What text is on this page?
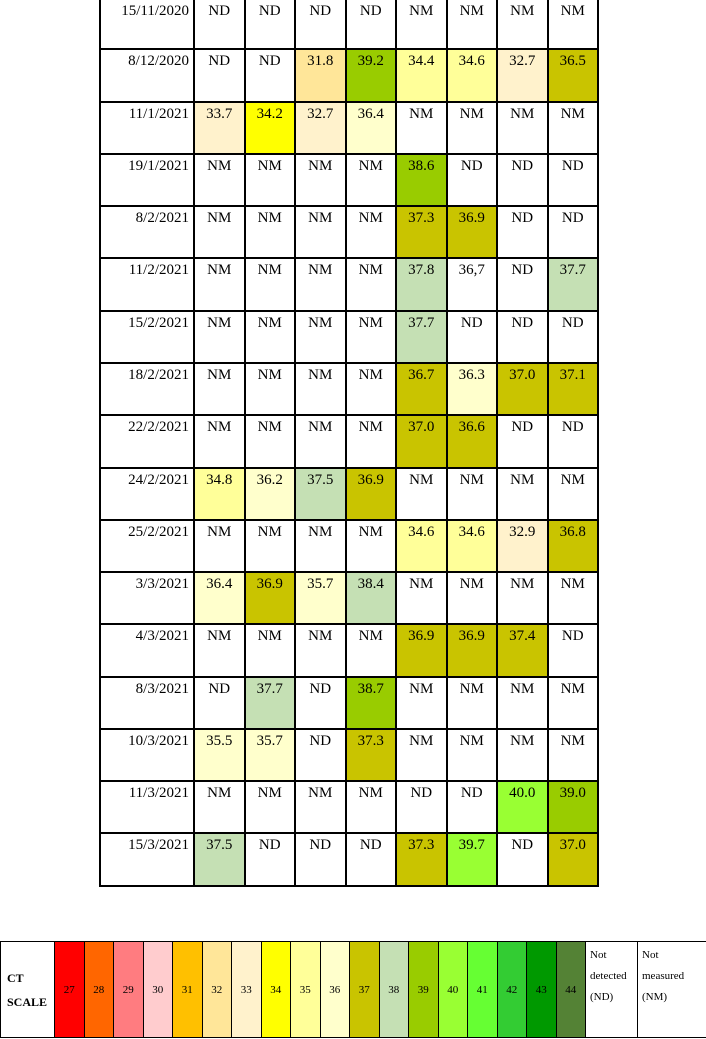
15/11/2020	ND	ND	ND	ND	NM	NM	NM	NM

8/12/2020	ND	ND	31.8	39.2	34.4	34.6	32.7	36.5

11/1/2021	33.7	34.2	32.7	36.4	NM	NM	NM	NM

19/1/2021	NM	NM	NM	NM	38.6	ND	ND	ND

8/2/2021	NM	NM	NM	NM	37.3	36.9	ND	ND

11/2/2021	NM	NM	NM	NM	37.8	36,7	ND	37.7

15/2/2021	NM	NM	NM	NM	37.7	ND	ND	ND

18/2/2021	NM	NM	NM	NM	36.7	36.3	37.0	37.1

22/2/2021	NM	NM	NM	NM	37.0	36.6	ND	ND

24/2/2021	34.8	36.2	37.5	36.9	NM	NM	NM	NM

25/2/2021	NM	NM	NM	NM	34.6	34.6	32.9	36.8

3/3/2021	36.4	36.9	35.7	38.4	NM	NM	NM	NM

4/3/2021	NM	NM	NM	NM	36.9	36.9	37.4	ND

8/3/2021	ND	37.7	ND	38.7	NM	NM	NM	NM

10/3/2021	35.5	35.7	ND	37.3	NM	NM	NM	NM

11/3/2021	NM	NM	NM	NM	ND	ND	40.0	39.0

15/3/2021	37.5	ND	ND	ND	37.3	39.7	ND	37.0
CT
SCALE	27	28	29	30	31	32	33	34	35	36	37	38	39	40	41	42	43	44	Not
detected
(ND)	Not
measured
(NM)
